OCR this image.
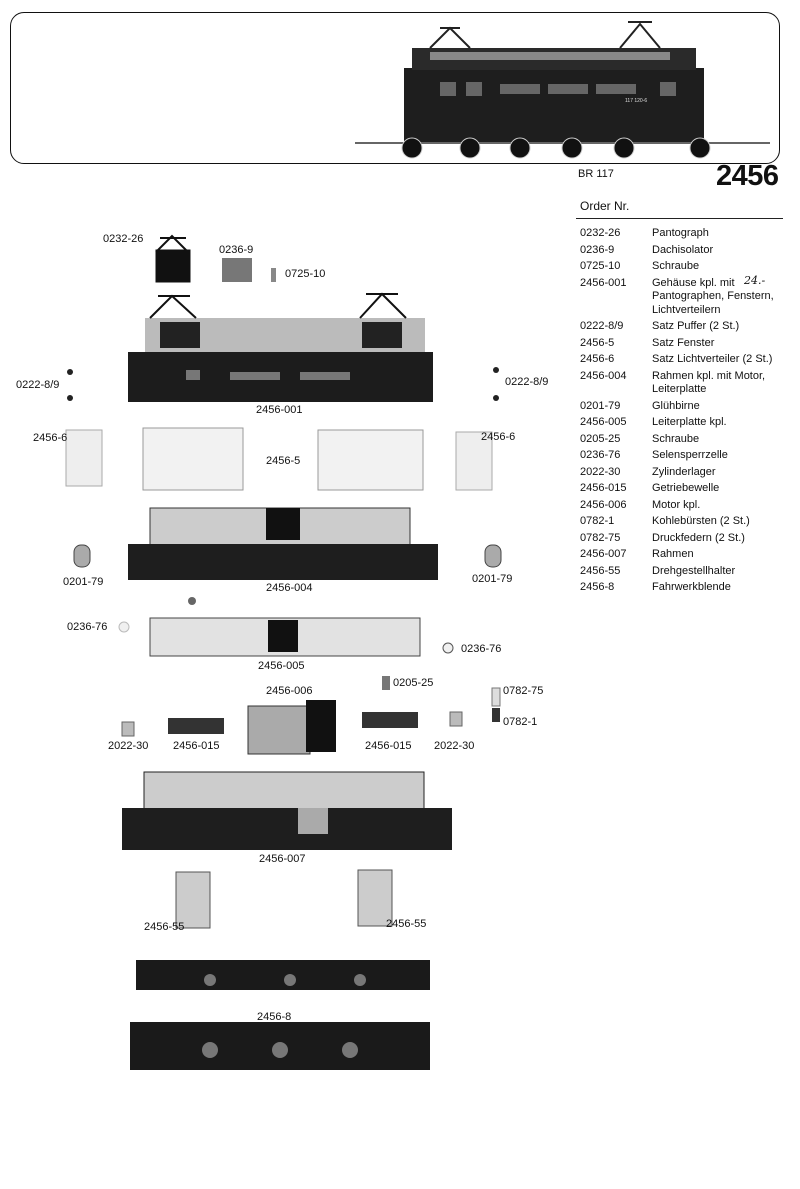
117 120-6
BR 117	2456
Order Nr.
0232-26	Pantograph
0236-9	Dachisolator
0725-10	Schraube
2456-001	Gehäuse kpl. mit Pantographen, Fenstern, Lichtverteilern
24.-
0222-8/9	Satz Puffer (2 St.)
2456-5	Satz Fenster
2456-6	Satz Lichtverteiler (2 St.)
2456-004	Rahmen kpl. mit Motor, Leiterplatte
0201-79	Glühbirne
2456-005	Leiterplatte kpl.
0205-25	Schraube
0236-76	Selensperrzelle
2022-30	Zylinderlager
2456-015	Getriebewelle
2456-006	Motor kpl.
0782-1	Kohlebürsten (2 St.)
0782-75	Druckfedern (2 St.)
2456-007	Rahmen
2456-55	Drehgestellhalter
2456-8	Fahrwerkblende
0232-26
0236-9
0725-10
0222-8/9	0222-8/9
2456-001
2456-6	2456-6
2456-5
2456-004
0201-79	0201-79
0236-76
0236-76
2456-005
0205-25
2456-006	0782-75
0782-1
2022-30	2022-30
2456-015	2456-015
2456-007
2456-55	2456-55
2456-8
